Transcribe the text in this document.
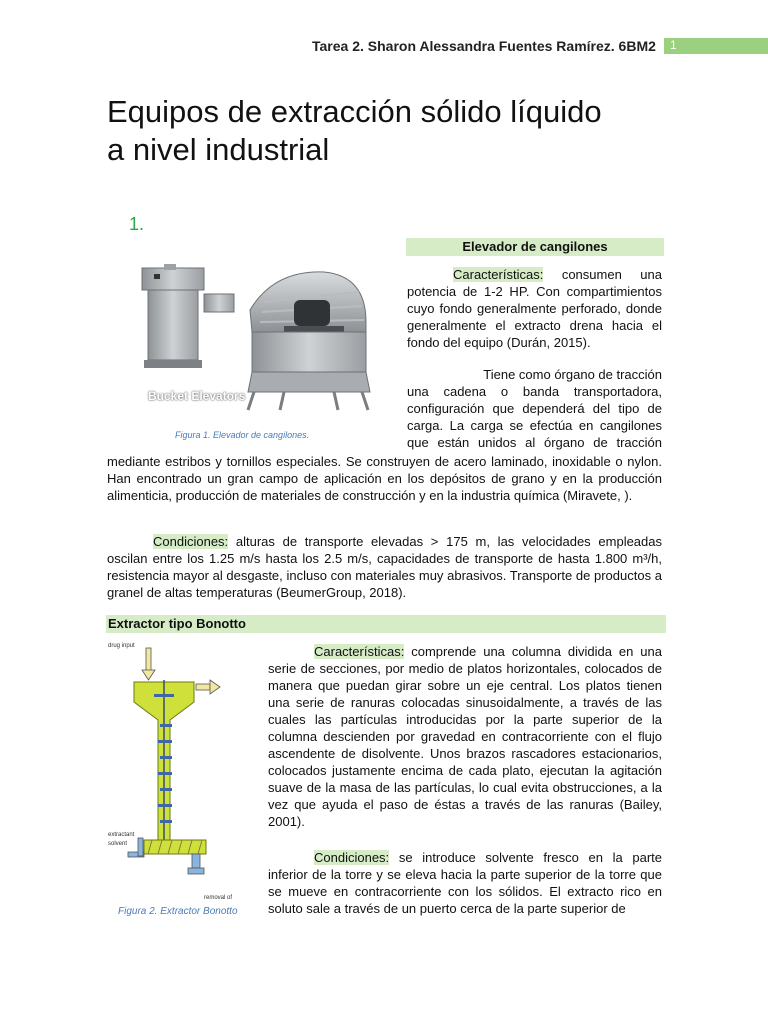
Tarea 2. Sharon Alessandra Fuentes Ramírez. 6BM2 1
Equipos de extracción sólido líquido
a nivel industrial
1.
Elevador de cangilones
Bucket Elevators
Figura 1. Elevador de cangilones.
Características: consumen una potencia de 1-2 HP. Con compartimientos cuyo fondo generalmente perforado, donde generalmente el extracto drena hacia el fondo del equipo (Durán, 2015).
Tiene como órgano de tracción
una cadena o banda transportadora,
configuración que dependerá del tipo de
carga. La carga se efectúa en cangilones
que están unidos al órgano de tracción
mediante estribos y tornillos especiales. Se construyen de acero laminado, inoxidable o nylon. Han encontrado un gran campo de aplicación en los depósitos de grano y en la producción alimenticia, producción de materiales de construcción y en la industria química (Miravete, ).
Condiciones: alturas de transporte elevadas > 175 m, las velocidades empleadas oscilan entre los 1.25 m/s hasta los 2.5 m/s, capacidades de transporte de hasta 1.800 m³/h, resistencia mayor al desgaste, incluso con materiales muy abrasivos. Transporte de productos a granel de altas temperaturas (BeumerGroup, 2018).
Extractor tipo Bonotto
drug input
extractant
solvent
removal of
Figura 2. Extractor Bonotto
Características: comprende una columna dividida en una serie de secciones, por medio de platos horizontales, colocados de manera que puedan girar sobre un eje central. Los platos tienen una serie de ranuras colocadas sinusoidalmente, a través de las cuales las partículas introducidas por la parte superior de la columna descienden por gravedad en contracorriente con el flujo ascendente de disolvente. Unos brazos rascadores estacionarios, colocados justamente encima de cada plato, ejecutan la agitación suave de la masa de las partículas, lo cual evita obstrucciones, a la vez que ayuda el paso de éstas a través de las ranuras (Bailey, 2001).
Condiciones: se introduce solvente fresco en la parte inferior de la torre y se eleva hacia la parte superior de la torre que se mueve en contracorriente con los sólidos. El extracto rico en soluto sale a través de un puerto cerca de la parte superior de
